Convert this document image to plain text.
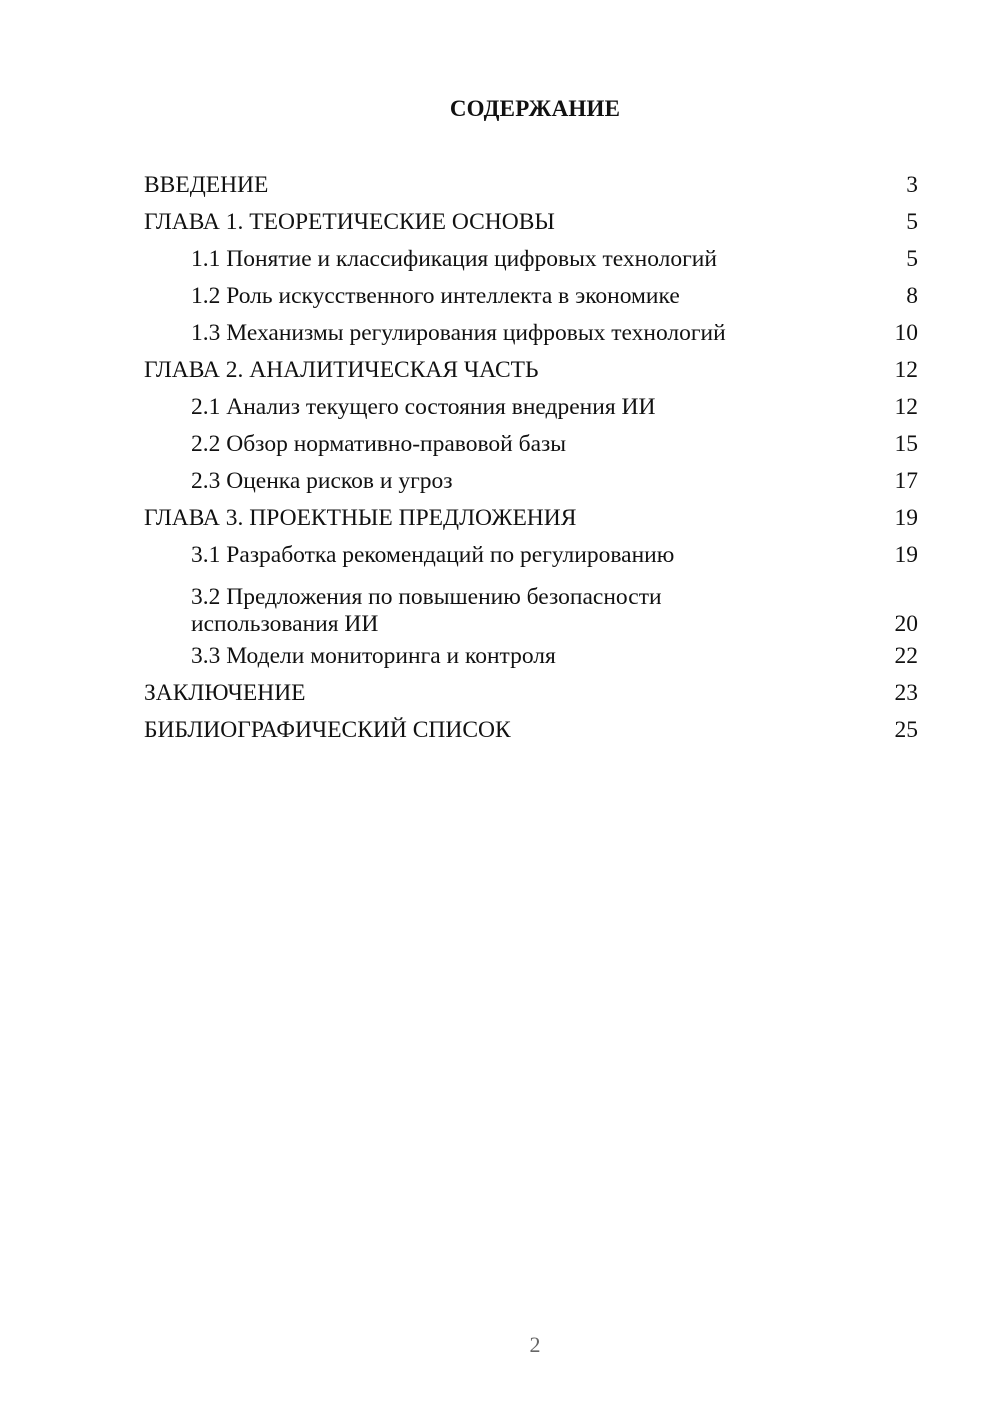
СОДЕРЖАНИЕ
ВВЕДЕНИЕ	3
ГЛАВА 1. ТЕОРЕТИЧЕСКИЕ ОСНОВЫ	5
1.1 Понятие и классификация цифровых технологий	5
1.2 Роль искусственного интеллекта в экономике	8
1.3 Механизмы регулирования цифровых технологий	10
ГЛАВА 2. АНАЛИТИЧЕСКАЯ ЧАСТЬ	12
2.1 Анализ текущего состояния внедрения ИИ	12
2.2 Обзор нормативно-правовой базы	15
2.3 Оценка рисков и угроз	17
ГЛАВА 3. ПРОЕКТНЫЕ ПРЕДЛОЖЕНИЯ	19
3.1 Разработка рекомендаций по регулированию	19
3.2 Предложения по повышению безопасности использования ИИ	20
3.3 Модели мониторинга и контроля	22
ЗАКЛЮЧЕНИЕ	23
БИБЛИОГРАФИЧЕСКИЙ СПИСОК	25
2
